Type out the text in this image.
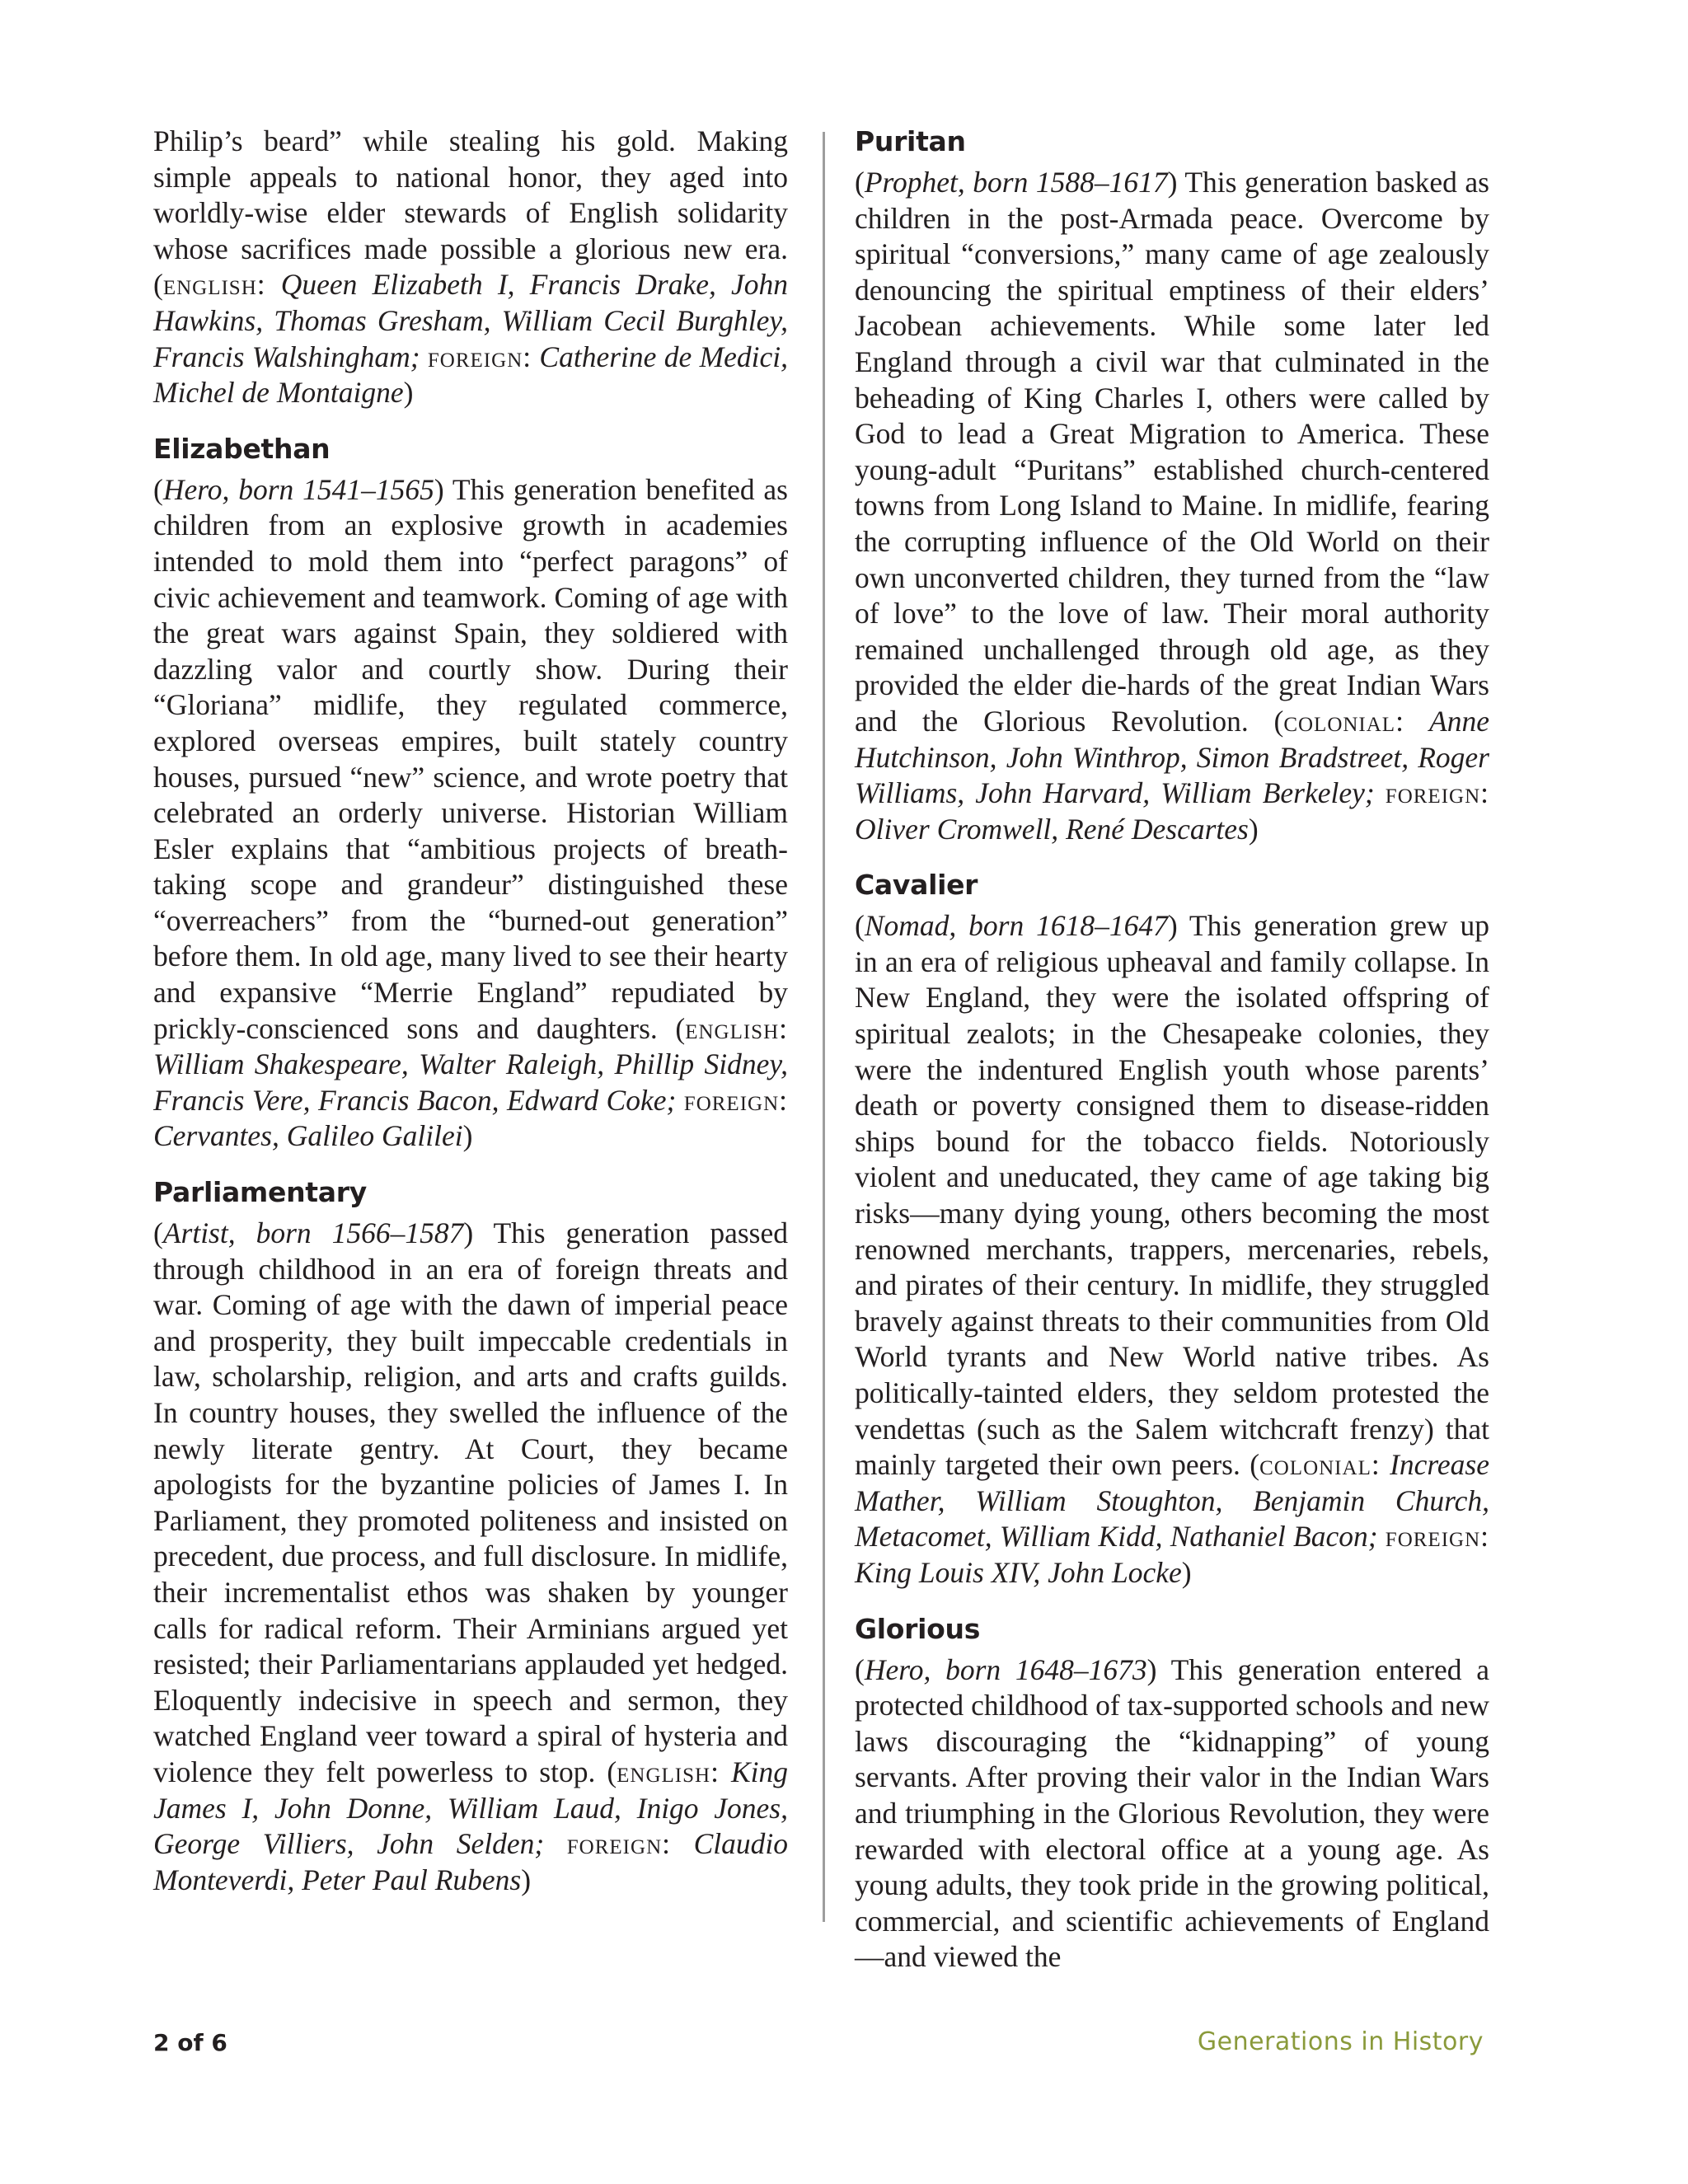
Philip’s beard” while stealing his gold. Making simple appeals to national honor, they aged into worldly-wise elder stewards of English solidarity whose sacrifices made possible a glorious new era. (english: Queen Elizabeth I, Francis Drake, John Hawkins, Thomas Gresham, William Cecil Burghley, Francis Walshingham; foreign: Catherine de Medici, Michel de Montaigne)

Elizabethan

(Hero, born 1541–1565) This generation benefited as children from an explosive growth in academies intended to mold them into “perfect paragons” of civic achievement and teamwork. Coming of age with the great wars against Spain, they soldiered with dazzling valor and courtly show. During their “Gloriana” midlife, they regulated commerce, explored overseas empires, built stately country houses, pursued “new” science, and wrote poetry that celebrated an orderly universe. Historian William Esler explains that “ambitious projects of breath-taking scope and grandeur” distinguished these “overreachers” from the “burned-out generation” before them. In old age, many lived to see their hearty and expansive “Merrie England” repudiated by prickly-conscienced sons and daughters. (english: William Shakespeare, Walter Raleigh, Phillip Sidney, Francis Vere, Francis Bacon, Edward Coke; foreign: Cervantes, Galileo Galilei)

Parliamentary

(Artist, born 1566–1587) This generation passed through childhood in an era of foreign threats and war. Coming of age with the dawn of imperial peace and prosperity, they built impeccable credentials in law, scholarship, religion, and arts and crafts guilds. In country houses, they swelled the influence of the newly literate gentry. At Court, they became apologists for the byzantine policies of James I. In Parliament, they promoted politeness and insisted on precedent, due process, and full disclosure. In midlife, their incrementalist ethos was shaken by younger calls for radical reform. Their Arminians argued yet resisted; their Parliamentarians applauded yet hedged. Eloquently indecisive in speech and sermon, they watched England veer toward a spiral of hysteria and violence they felt powerless to stop. (english: King James I, John Donne, William Laud, Inigo Jones, George Villiers, John Selden; foreign: Claudio Monteverdi, Peter Paul Rubens)

Puritan

(Prophet, born 1588–1617) This generation basked as children in the post-Armada peace. Overcome by spiritual “conversions,” many came of age zealously denouncing the spiritual emptiness of their elders’ Jacobean achievements. While some later led England through a civil war that culminated in the beheading of King Charles I, others were called by God to lead a Great Migration to America. These young-adult “Puritans” established church-centered towns from Long Island to Maine. In midlife, fearing the corrupting influence of the Old World on their own unconverted children, they turned from the “law of love” to the love of law. Their moral authority remained unchallenged through old age, as they provided the elder die-hards of the great Indian Wars and the Glorious Revolution. (colonial: Anne Hutchinson, John Winthrop, Simon Bradstreet, Roger Williams, John Harvard, William Berkeley; foreign: Oliver Cromwell, René Descartes)

Cavalier

(Nomad, born 1618–1647) This generation grew up in an era of religious upheaval and family collapse. In New England, they were the isolated offspring of spiritual zealots; in the Chesapeake colonies, they were the indentured English youth whose parents’ death or poverty consigned them to disease-ridden ships bound for the tobacco fields. Notoriously violent and uneducated, they came of age taking big risks—many dying young, others becoming the most renowned merchants, trappers, mercenaries, rebels, and pirates of their century. In midlife, they struggled bravely against threats to their communities from Old World tyrants and New World native tribes. As politically-tainted elders, they seldom protested the vendettas (such as the Salem witchcraft frenzy) that mainly targeted their own peers. (colonial: Increase Mather, William Stoughton, Benjamin Church, Metacomet, William Kidd, Nathaniel Bacon; foreign: King Louis XIV, John Locke)

Glorious

(Hero, born 1648–1673) This generation entered a protected childhood of tax-supported schools and new laws discouraging the “kidnapping” of young servants. After proving their valor in the Indian Wars and triumphing in the Glorious Revolution, they were rewarded with electoral office at a young age. As young adults, they took pride in the growing political, commercial, and scientific achievements of England—and viewed the

2 of 6	Generations in History
